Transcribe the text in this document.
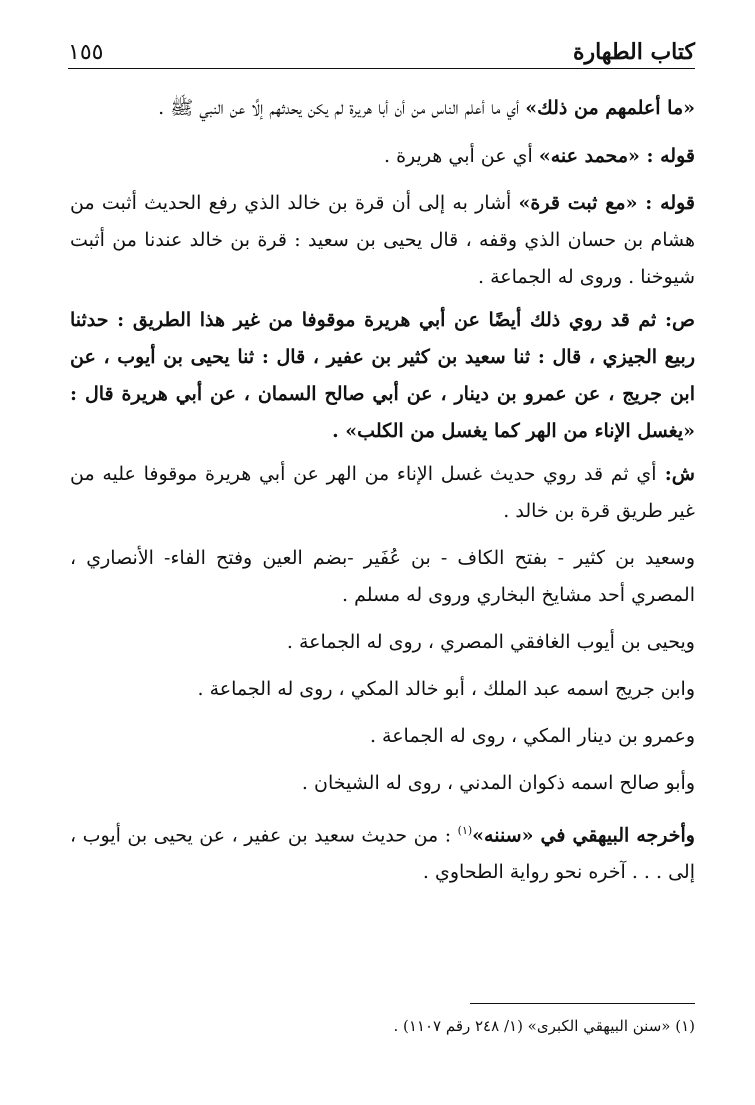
كتاب الطهارة
١٥٥

«ما أعلمهم من ذلك» أي ما أعلم الناس من أن أبا هريرة لم يكن يحدثهم إلَّا عن النبي ﷺ .

قوله : «محمد عنه» أي عن أبي هريرة .

قوله : «مع ثبت قرة» أشار به إلى أن قرة بن خالد الذي رفع الحديث أثبت من هشام بن حسان الذي وقفه ، قال يحيى بن سعيد : قرة بن خالد عندنا من أثبت شيوخنا . وروى له الجماعة .

ص: ثم قد روي ذلك أيضًا عن أبي هريرة موقوفا من غير هذا الطريق : حدثنا ربيع الجيزي ، قال : ثنا سعيد بن كثير بن عفير ، قال : ثنا يحيى بن أيوب ، عن ابن جريج ، عن عمرو بن دينار ، عن أبي صالح السمان ، عن أبي هريرة قال : «يغسل الإناء من الهر كما يغسل من الكلب» .

ش: أي ثم قد روي حديث غسل الإناء من الهر عن أبي هريرة موقوفا عليه من غير طريق قرة بن خالد .

وسعيد بن كثير - بفتح الكاف - بن عُفَير -بضم العين وفتح الفاء- الأنصاري ، المصري أحد مشايخ البخاري وروى له مسلم .

ويحيى بن أيوب الغافقي المصري ، روى له الجماعة .

وابن جريج اسمه عبد الملك ، أبو خالد المكي ، روى له الجماعة .

وعمرو بن دينار المكي ، روى له الجماعة .

وأبو صالح اسمه ذكوان المدني ، روى له الشيخان .

وأخرجه البيهقي في «سننه»$^{(١)}$ : من حديث سعيد بن عفير ، عن يحيى بن أيوب ، إلى . . . آخره نحو رواية الطحاوي .

(١) «سنن البيهقي الكبرى» (١/ ٢٤٨ رقم ١١٠٧) .
